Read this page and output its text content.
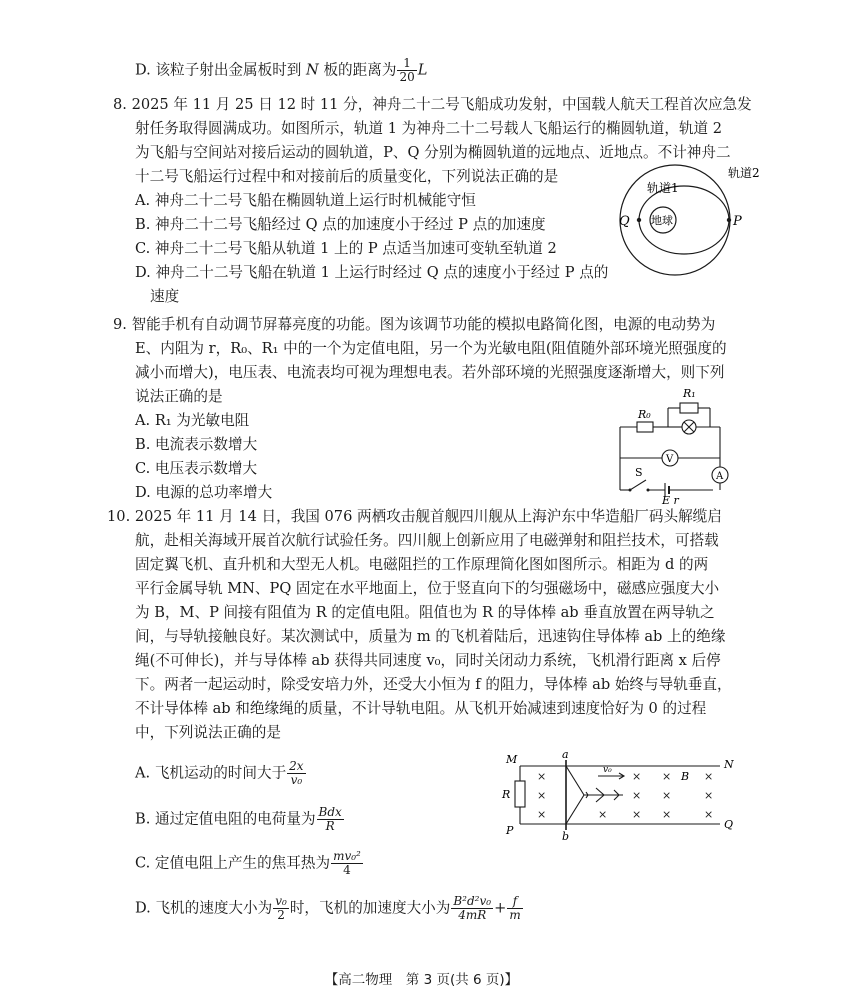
D. 该粒子射出金属板时到 N 板的距离为 $\frac{1}{20}$ L
8. 2025 年 11 月 25 日 12 时 11 分，神舟二十二号飞船成功发射，中国载人航天工程首次应急发
射任务取得圆满成功。如图所示，轨道 1 为神舟二十二号载人飞船运行的椭圆轨道，轨道 2
为飞船与空间站对接后运动的圆轨道，P、Q 分别为椭圆轨道的远地点、近地点。不计神舟二
十二号飞船运行过程中和对接前后的质量变化，下列说法正确的是
A. 神舟二十二号飞船在椭圆轨道上运行时机械能守恒
B. 神舟二十二号飞船经过 Q 点的加速度小于经过 P 点的加速度
C. 神舟二十二号飞船从轨道 1 上的 P 点适当加速可变轨至轨道 2
D. 神舟二十二号飞船在轨道 1 上运行时经过 Q 点的速度小于经过 P 点的
速度
轨道1
轨道2
地球
Q	P
9. 智能手机有自动调节屏幕亮度的功能。图为该调节功能的模拟电路简化图，电源的电动势为
E、内阻为 r，R₀、R₁ 中的一个为定值电阻，另一个为光敏电阻(阻值随外部环境光照强度的
减小而增大)，电压表、电流表均可视为理想电表。若外部环境的光照强度逐渐增大，则下列
说法正确的是
A. R₁ 为光敏电阻
B. 电流表示数增大
C. 电压表示数增大
D. 电源的总功率增大
R₁
R₀
V
A
S
E r
10. 2025 年 11 月 14 日，我国 076 两栖攻击舰首舰四川舰从上海沪东中华造船厂码头解缆启
航，赴相关海域开展首次航行试验任务。四川舰上创新应用了电磁弹射和阻拦技术，可搭载
固定翼飞机、直升机和大型无人机。电磁阻拦的工作原理简化图如图所示。相距为 d 的两
平行金属导轨 MN、PQ 固定在水平地面上，位于竖直向下的匀强磁场中，磁感应强度大小
为 B，M、P 间接有阻值为 R 的定值电阻。阻值也为 R 的导体棒 ab 垂直放置在两导轨之
间，与导轨接触良好。某次测试中，质量为 m 的飞机着陆后，迅速钩住导体棒 ab 上的绝缘
绳(不可伸长)，并与导体棒 ab 获得共同速度 v₀，同时关闭动力系统，飞机滑行距离 x 后停
下。两者一起运动时，除受安培力外，还受大小恒为 f 的阻力，导体棒 ab 始终与导轨垂直，
不计导体棒 ab 和绝缘绳的质量，不计导轨电阻。从飞机开始减速到速度恰好为 0 的过程
中，下列说法正确的是
A. 飞机运动的时间大于 $\frac{2x}{\text{v₀}}$
B. 通过定值电阻的电荷量为 $\frac{\text{Bdx}}{R}$
C. 定值电阻上产生的焦耳热为 $\frac{\text{mv₀²}}{4}$
D. 飞机的速度大小为 $\frac{\text{v₀}}{2}$ 时，飞机的加速度大小为 $\frac{\text{B²d²v₀}}{4mR} + \frac{f}{m}$
M	N
P	Q
a
b
R
B
v₀
×
×
×
×
×
×
×
×
×
×
×
×
×
【高二物理　第 3 页(共 6 页)】
